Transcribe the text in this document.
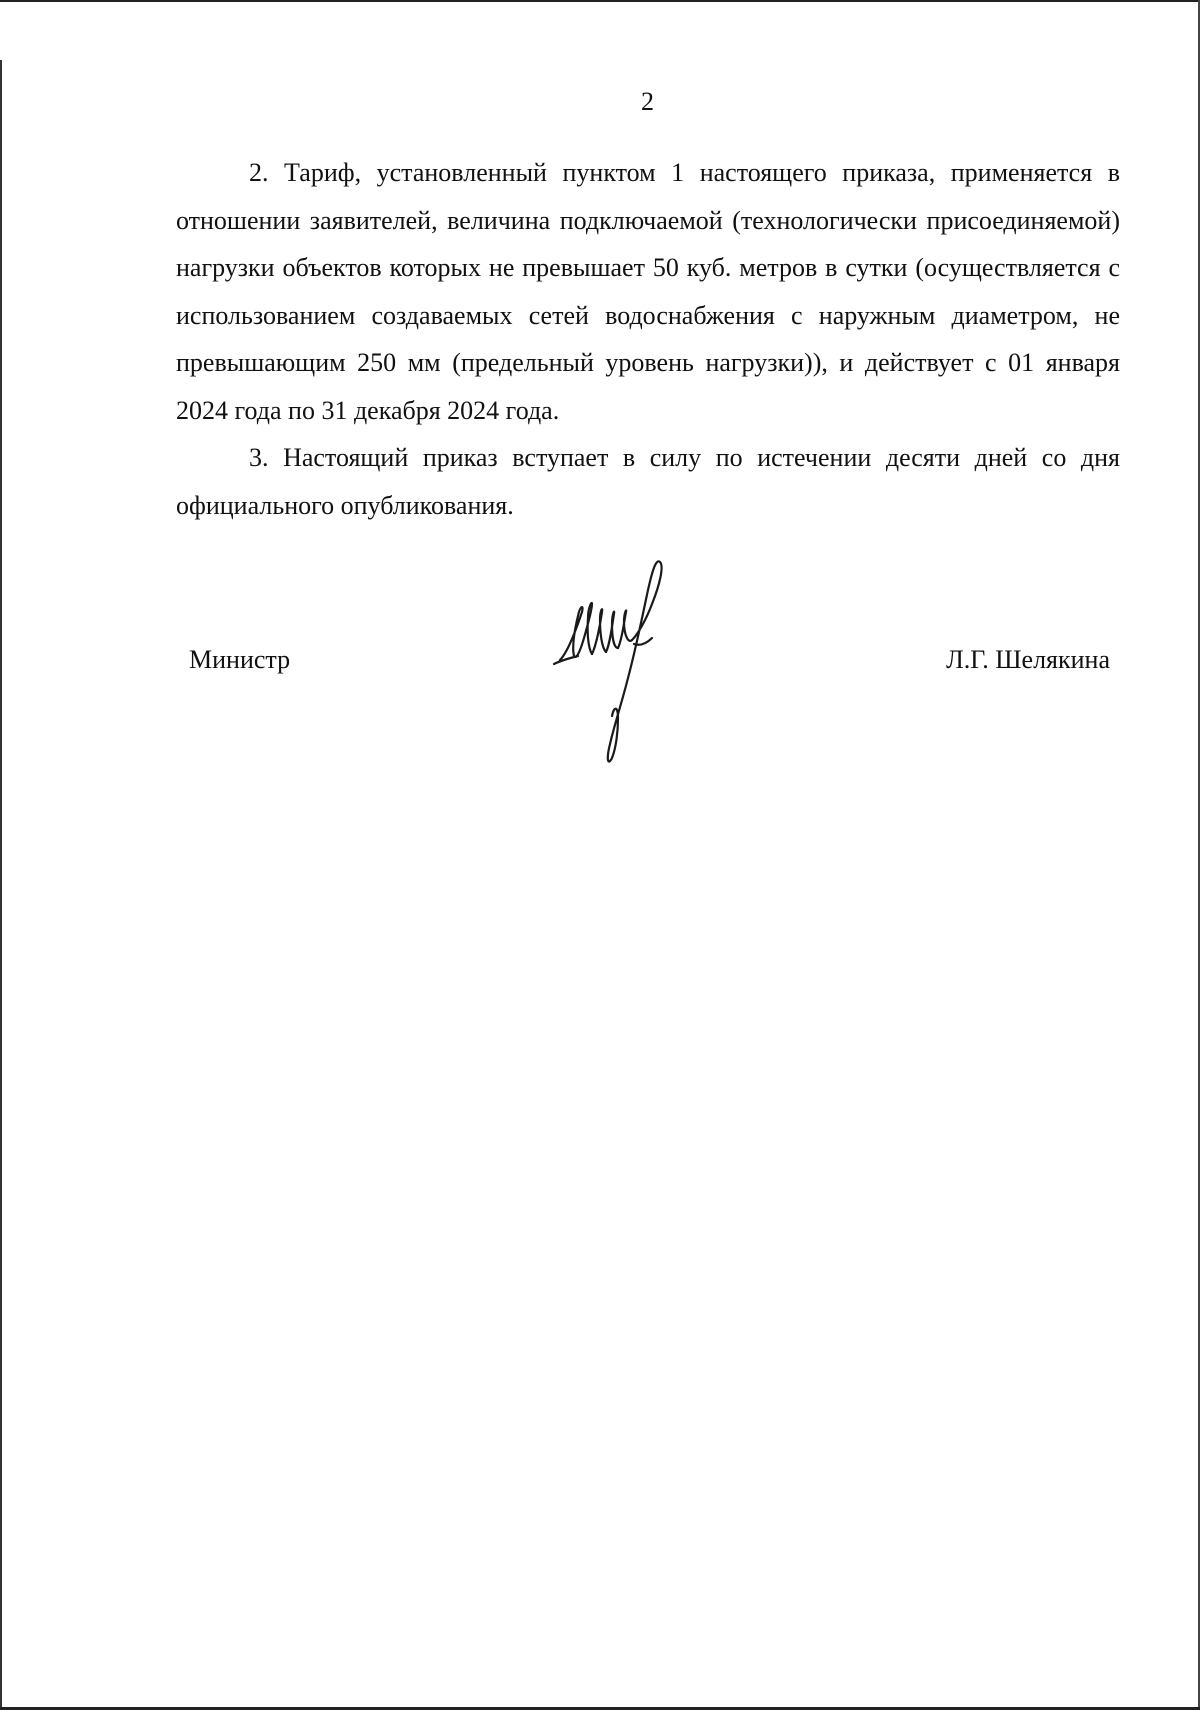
2

2. Тариф, установленный пунктом 1 настоящего приказа, применяется в отношении заявителей, величина подключаемой (технологически присоединяемой) нагрузки объектов которых не превышает 50 куб. метров в сутки (осуществляется с использованием создаваемых сетей водоснабжения с наружным диаметром, не превышающим 250 мм (предельный уровень нагрузки)), и действует с 01 января 2024 года по 31 декабря 2024 года.

3. Настоящий приказ вступает в силу по истечении десяти дней со дня официального опубликования.

Министр	Л.Г. Шелякина
